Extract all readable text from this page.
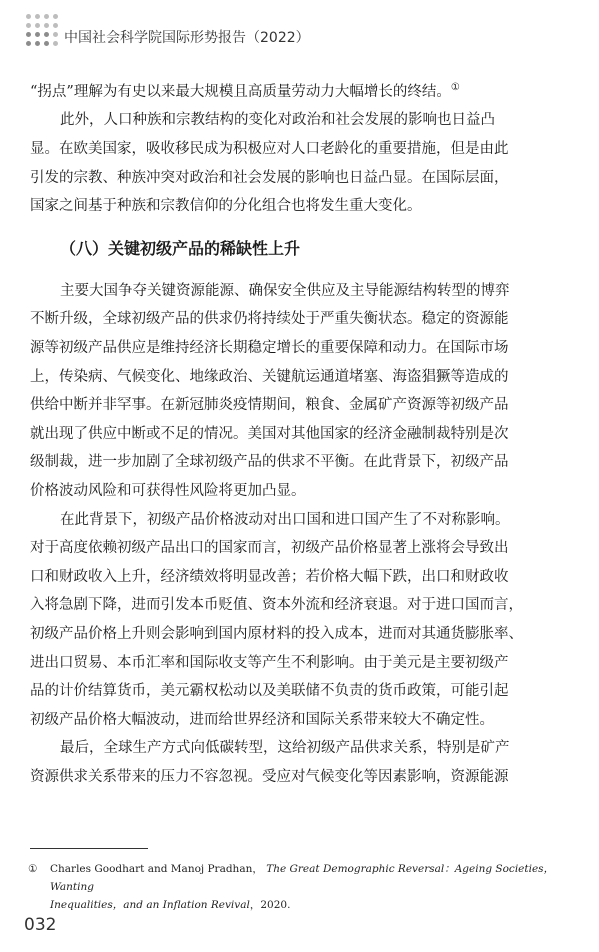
中国社会科学院国际形势报告（2022）

“拐点”理解为有史以来最大规模且高质量劳动力大幅增长的终结。①

此外，人口种族和宗教结构的变化对政治和社会发展的影响也日益凸
显。在欧美国家，吸收移民成为积极应对人口老龄化的重要措施，但是由此
引发的宗教、种族冲突对政治和社会发展的影响也日益凸显。在国际层面，
国家之间基于种族和宗教信仰的分化组合也将发生重大变化。

（八）关键初级产品的稀缺性上升

主要大国争夺关键资源能源、确保安全供应及主导能源结构转型的博弈
不断升级，全球初级产品的供求仍将持续处于严重失衡状态。稳定的资源能
源等初级产品供应是维持经济长期稳定增长的重要保障和动力。在国际市场
上，传染病、气候变化、地缘政治、关键航运通道堵塞、海盗猖獗等造成的
供给中断并非罕事。在新冠肺炎疫情期间，粮食、金属矿产资源等初级产品
就出现了供应中断或不足的情况。美国对其他国家的经济金融制裁特别是次
级制裁，进一步加剧了全球初级产品的供求不平衡。在此背景下，初级产品
价格波动风险和可获得性风险将更加凸显。

在此背景下，初级产品价格波动对出口国和进口国产生了不对称影响。
对于高度依赖初级产品出口的国家而言，初级产品价格显著上涨将会导致出
口和财政收入上升，经济绩效将明显改善；若价格大幅下跌，出口和财政收
入将急剧下降，进而引发本币贬值、资本外流和经济衰退。对于进口国而言，
初级产品价格上升则会影响到国内原材料的投入成本，进而对其通货膨胀率、
进出口贸易、本币汇率和国际收支等产生不利影响。由于美元是主要初级产
品的计价结算货币，美元霸权松动以及美联储不负责的货币政策，可能引起
初级产品价格大幅波动，进而给世界经济和国际关系带来较大不确定性。

最后，全球生产方式向低碳转型，这给初级产品供求关系，特别是矿产
资源供求关系带来的压力不容忽视。受应对气候变化等因素影响，资源能源

① Charles Goodhart and Manoj Pradhan， The Great Demographic Reversal：Ageing Societies，Wanting
Inequalities，and an Inflation Revival，2020.
032
